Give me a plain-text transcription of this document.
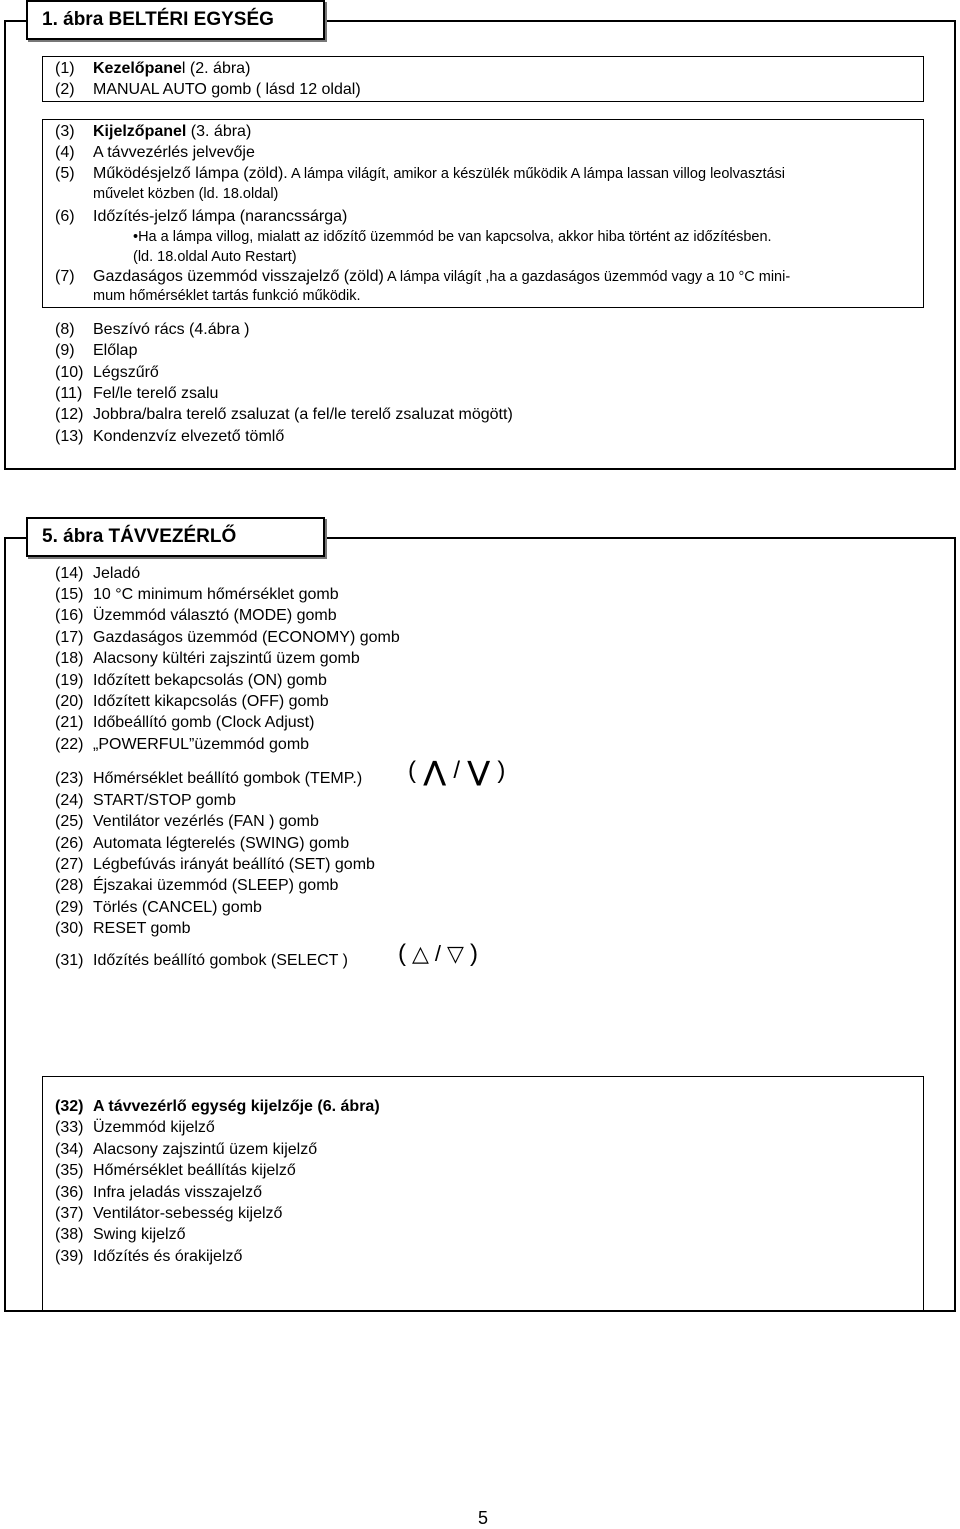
1. ábra BELTÉRI EGYSÉG
(1) Kezelőpanel (2. ábra)
(2) MANUAL AUTO gomb ( lásd 12 oldal)
(3) Kijelzőpanel (3. ábra)
(4) A távvezérlés jelvevője
(5) Működésjelző lámpa (zöld). A lámpa világít, amikor a készülék működik A lámpa lassan villog leolvasztási
művelet közben (ld. 18.oldal)
(6) Időzítés-jelző lámpa (narancssárga)
•Ha a lámpa villog, mialatt az időzítő üzemmód be van kapcsolva, akkor hiba történt az időzítésben.
(ld. 18.oldal Auto Restart)
(7) Gazdaságos üzemmód visszajelző (zöld) A lámpa világít ,ha a gazdaságos üzemmód vagy a 10 °C mini-
mum hőmérséklet tartás funkció működik.
(8) Beszívó rács (4.ábra )
(9) Előlap
(10) Légszűrő
(11) Fel/le terelő zsalu
(12) Jobbra/balra terelő zsaluzat (a fel/le terelő zsaluzat mögött)
(13) Kondenzvíz elvezető tömlő
5. ábra TÁVVEZÉRLŐ
(14) Jeladó
(15) 10 °C minimum hőmérséklet gomb
(16) Üzemmód választó (MODE) gomb
(17) Gazdaságos üzemmód (ECONOMY) gomb
(18) Alacsony kültéri zajszintű üzem gomb
(19) Időzített bekapcsolás (ON) gomb
(20) Időzített kikapcsolás (OFF) gomb
(21) Időbeállító gomb (Clock Adjust)
(22) „POWERFUL”üzemmód gomb
(23) Hőmérséklet beállító gombok (TEMP.)
(24) START/STOP gomb
(25) Ventilátor vezérlés (FAN ) gomb
(26) Automata légterelés (SWING) gomb
(27) Légbefúvás irányát beállító (SET) gomb
(28) Éjszakai üzemmód (SLEEP) gomb
(29) Törlés (CANCEL) gomb
(30) RESET gomb
(31) Időzítés beállító gombok (SELECT )
( ⋀ / ⋁ )
( △ / ▽ )
(32) A távvezérlő egység kijelzője (6. ábra)
(33) Üzemmód kijelző
(34) Alacsony zajszintű üzem kijelző
(35) Hőmérséklet beállítás kijelző
(36) Infra jeladás visszajelző
(37) Ventilátor-sebesség kijelző
(38) Swing kijelző
(39) Időzítés és órakijelző
5
